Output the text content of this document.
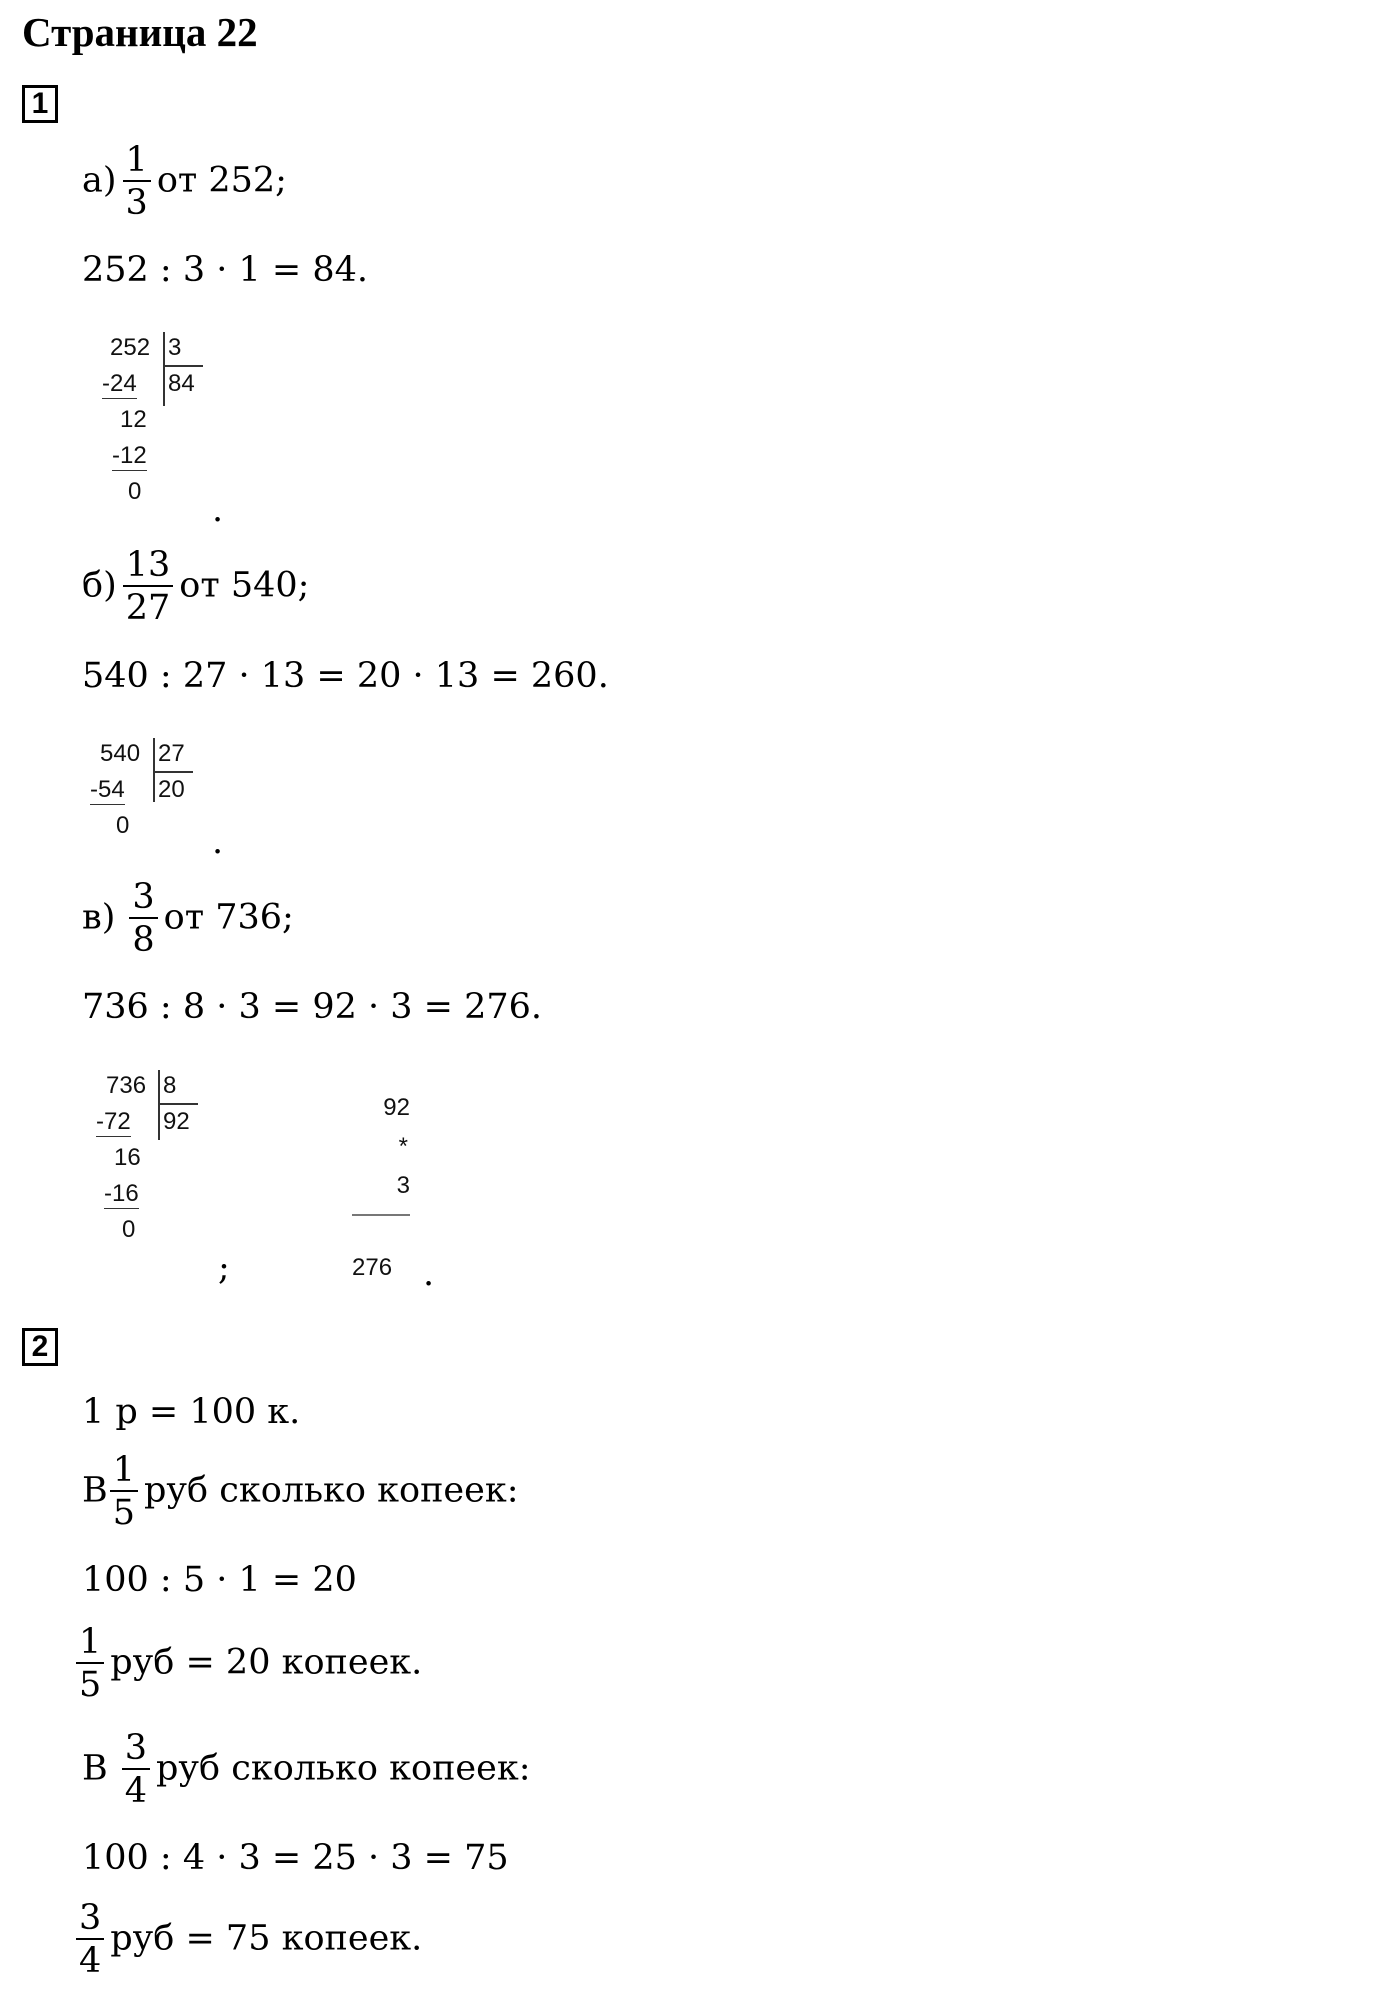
Страница 22
1
$а) \frac{1}{3}$ от 252;
252 : 3 · 1 = 84.
252 3
-24 84
12
-12
0 .
$б) \frac{13}{27}$ от 540;
540 : 27 · 13 = 20 · 13 = 260.
540 27
-54 20
0 .
$в) \frac{3}{8}$ от 736;
736 : 8 · 3 = 92 · 3 = 276.
736 8
-72 92
16
-16
0
;
92
*
3
276 .
2
1 р = 100 к.
В $\frac{1}{5}$ руб сколько копеек:
100 : 5 · 1 = 20
$\frac{1}{5}$ руб = 20 копеек.
В $\frac{3}{4}$ руб сколько копеек:
100 : 4 · 3 = 25 · 3 = 75
$\frac{3}{4}$ руб = 75 копеек.
